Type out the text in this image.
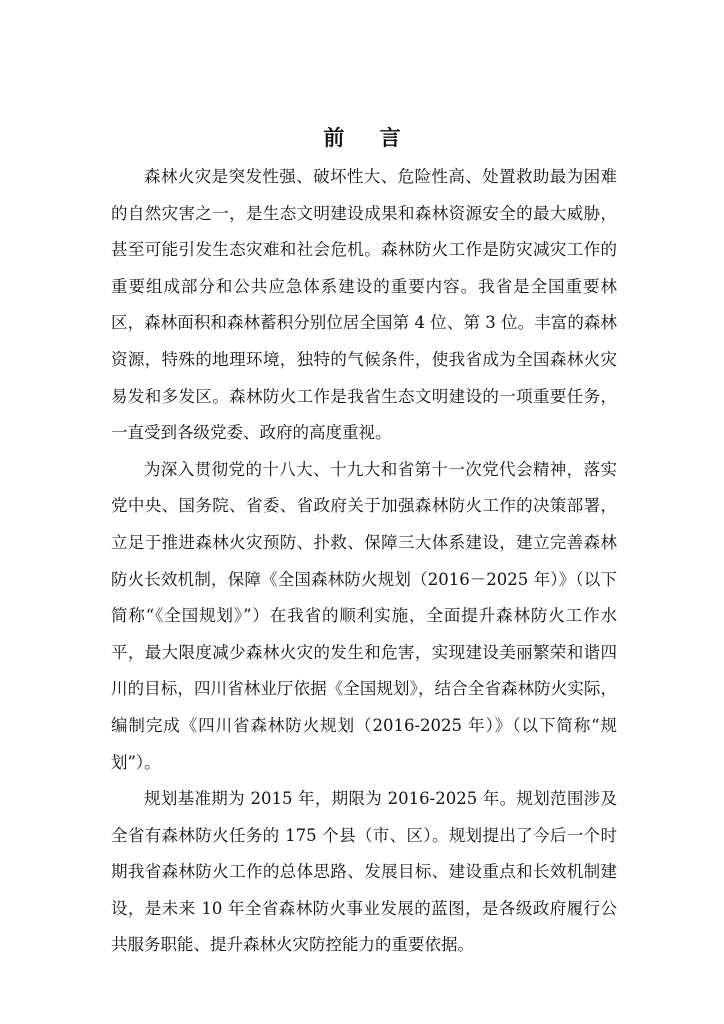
前 言

森林火灾是突发性强、破坏性大、危险性高、处置救助最为困难的自然灾害之一，是生态文明建设成果和森林资源安全的最大威胁，甚至可能引发生态灾难和社会危机。森林防火工作是防灾减灾工作的重要组成部分和公共应急体系建设的重要内容。我省是全国重要林区，森林面积和森林蓄积分别位居全国第 4 位、第 3 位。丰富的森林资源，特殊的地理环境，独特的气候条件，使我省成为全国森林火灾易发和多发区。森林防火工作是我省生态文明建设的一项重要任务，一直受到各级党委、政府的高度重视。

为深入贯彻党的十八大、十九大和省第十一次党代会精神，落实党中央、国务院、省委、省政府关于加强森林防火工作的决策部署，立足于推进森林火灾预防、扑救、保障三大体系建设，建立完善森林防火长效机制，保障《全国森林防火规划（2016－2025 年）》（以下简称“《全国规划》”）在我省的顺利实施，全面提升森林防火工作水平，最大限度减少森林火灾的发生和危害，实现建设美丽繁荣和谐四川的目标，四川省林业厅依据《全国规划》，结合全省森林防火实际，编制完成《四川省森林防火规划（2016-2025 年）》（以下简称“规划”）。

规划基准期为 2015 年，期限为 2016-2025 年。规划范围涉及全省有森林防火任务的 175 个县（市、区）。规划提出了今后一个时期我省森林防火工作的总体思路、发展目标、建设重点和长效机制建设，是未来 10 年全省森林防火事业发展的蓝图，是各级政府履行公共服务职能、提升森林火灾防控能力的重要依据。
